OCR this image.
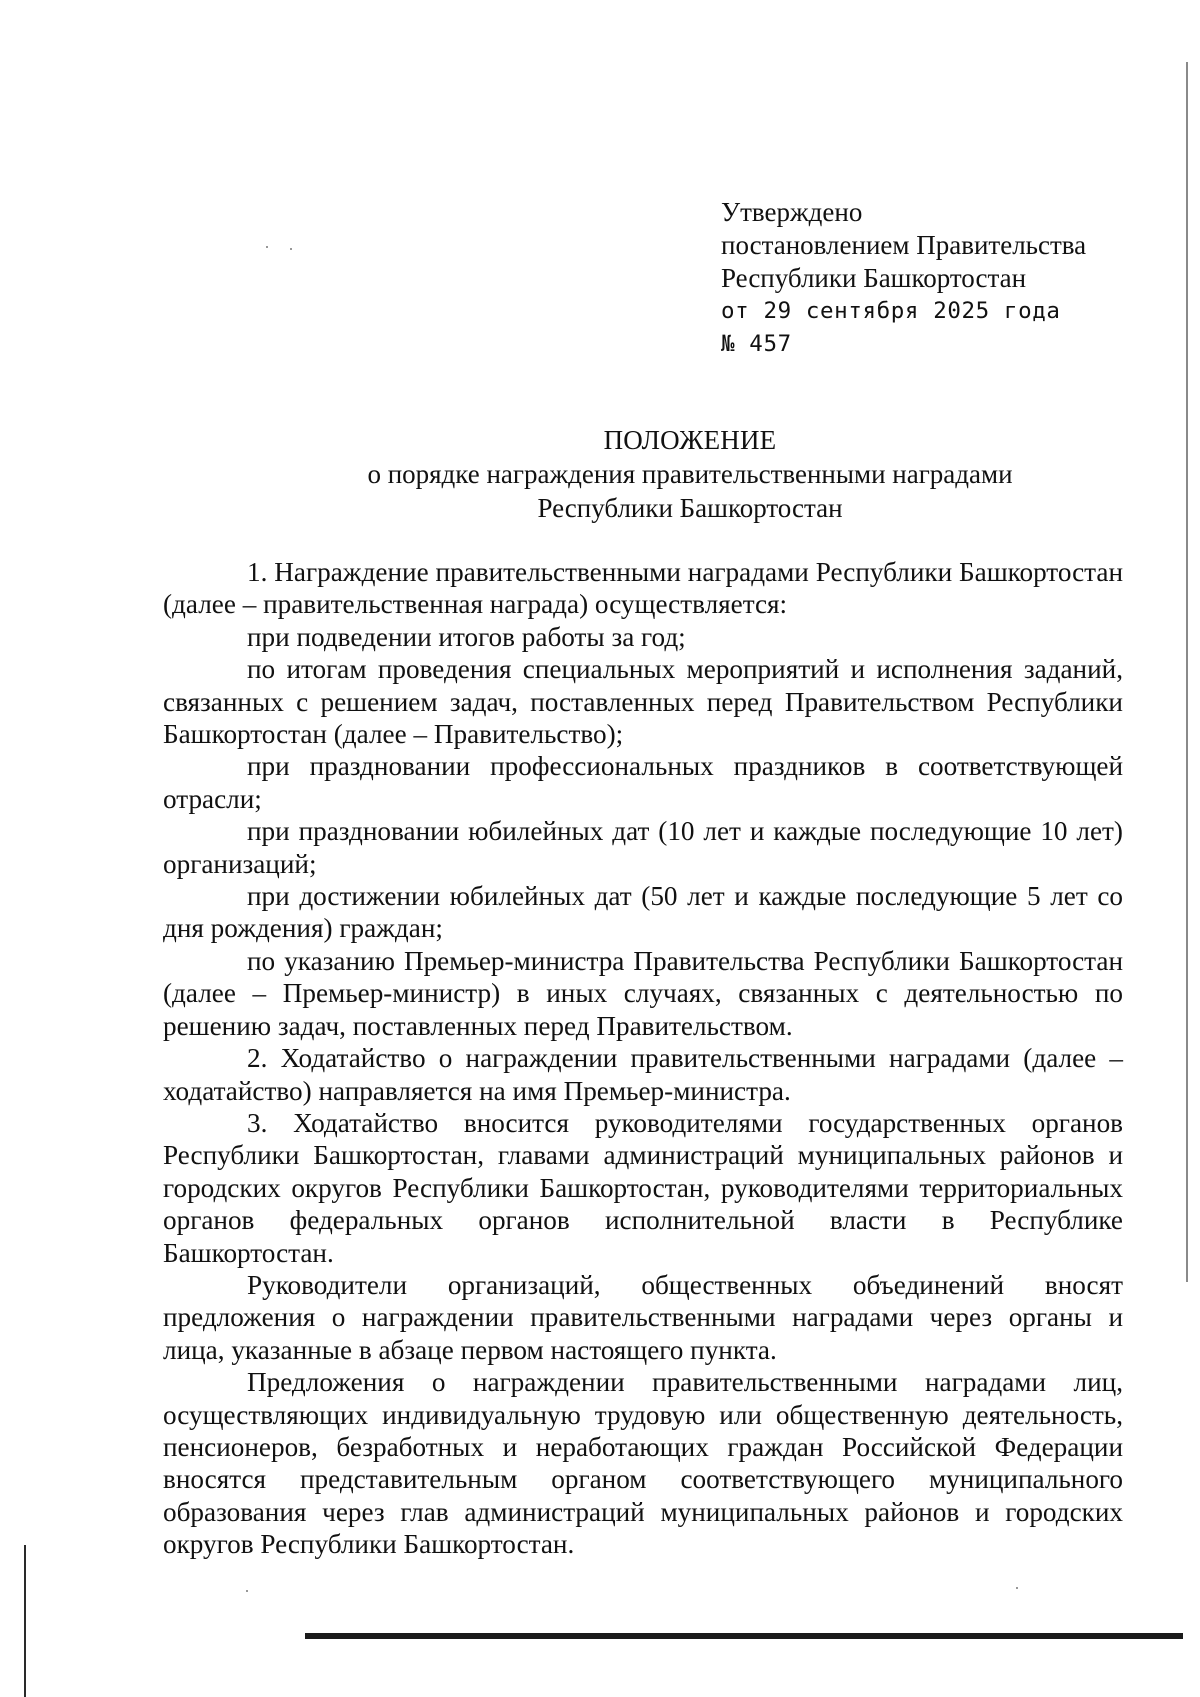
Утверждено
постановлением Правительства
Республики Башкортостан
от 29 сентября 2025 года
№ 457
ПОЛОЖЕНИЕ
о порядке награждения правительственными наградами
Республики Башкортостан

1. Награждение правительственными наградами Республики Башкортостан (далее – правительственная награда) осуществляется:

при подведении итогов работы за год;

по итогам проведения специальных мероприятий и исполнения заданий, связанных с решением задач, поставленных перед Правительством Республики Башкортостан (далее – Правительство);

при праздновании профессиональных праздников в соответствующей отрасли;

при праздновании юбилейных дат (10 лет и каждые последующие 10 лет) организаций;

при достижении юбилейных дат (50 лет и каждые последующие 5 лет со дня рождения) граждан;

по указанию Премьер-министра Правительства Республики Башкортостан (далее – Премьер-министр) в иных случаях, связанных с деятельностью по решению задач, поставленных перед Правительством.

2. Ходатайство о награждении правительственными наградами (далее – ходатайство) направляется на имя Премьер-министра.

3. Ходатайство вносится руководителями государственных органов Республики Башкортостан, главами администраций муниципальных районов и городских округов Республики Башкортостан, руководителями территориальных органов федеральных органов исполнительной власти в Республике Башкортостан.

Руководители организаций, общественных объединений вносят предложения о награждении правительственными наградами через органы и лица, указанные в абзаце первом настоящего пункта.

Предложения о награждении правительственными наградами лиц, осуществляющих индивидуальную трудовую или общественную деятельность, пенсионеров, безработных и неработающих граждан Российской Федерации вносятся представительным органом соответствующего муниципального образования через глав администраций муниципальных районов и городских округов Республики Башкортостан.
